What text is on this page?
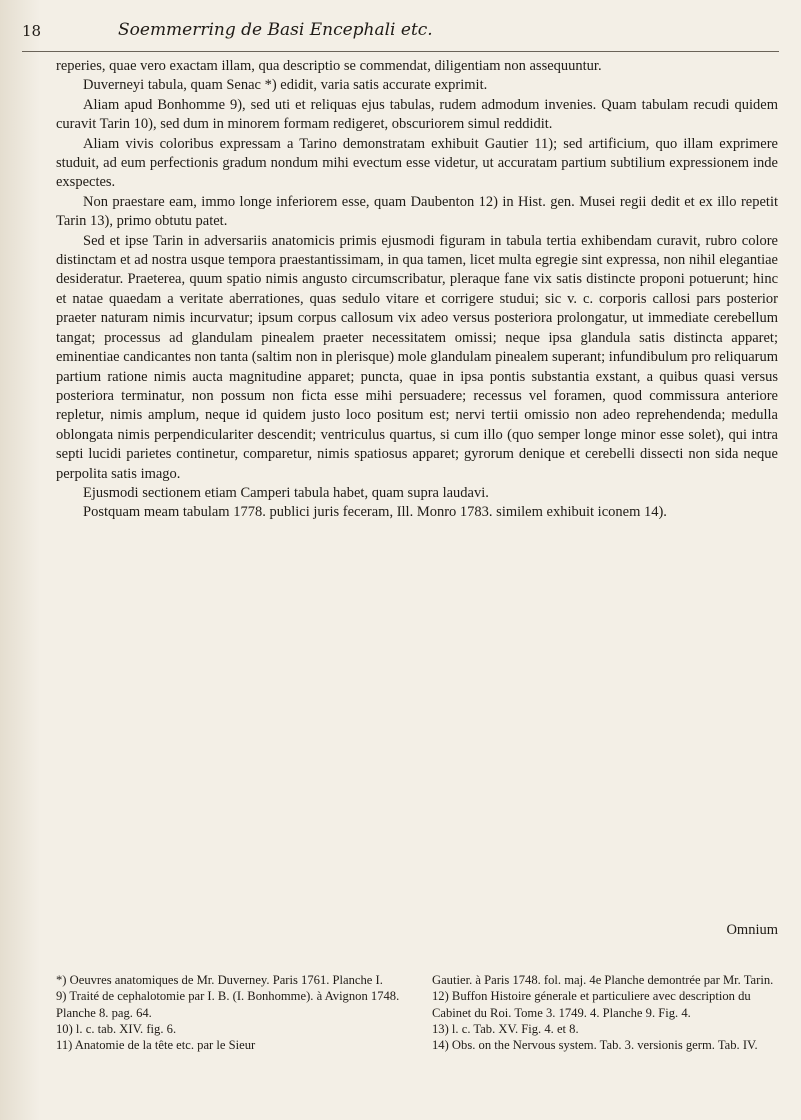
18	Soemmerring de Basi Encephali etc.

reperies, quae vero exactam illam, qua descriptio se commendat, diligentiam non assequuntur.

Duverneyi tabula, quam Senac *) edidit, varia satis accurate exprimit.

Aliam apud Bonhomme 9), sed uti et reliquas ejus tabulas, rudem admodum invenies. Quam tabulam recudi quidem curavit Tarin 10), sed dum in minorem formam redigeret, obscuriorem simul reddidit.

Aliam vivis coloribus expressam a Tarino demonstratam exhibuit Gautier 11); sed artificium, quo illam exprimere studuit, ad eum perfectionis gradum nondum mihi evectum esse videtur, ut accuratam partium subtilium expressionem inde exspectes.

Non praestare eam, immo longe inferiorem esse, quam Daubenton 12) in Hist. gen. Musei regii dedit et ex illo repetit Tarin 13), primo obtutu patet.

Sed et ipse Tarin in adversariis anatomicis primis ejusmodi figuram in tabula tertia exhibendam curavit, rubro colore distinctam et ad nostra usque tempora praestantissimam, in qua tamen, licet multa egregie sint expressa, non nihil elegantiae desideratur. Praeterea, quum spatio nimis angusto circumscribatur, pleraque fane vix satis distincte proponi potuerunt; hinc et natae quaedam a veritate aberrationes, quas sedulo vitare et corrigere studui; sic v. c. corporis callosi pars posterior praeter naturam nimis incurvatur; ipsum corpus callosum vix adeo versus posteriora prolongatur, ut immediate cerebellum tangat; processus ad glandulam pinealem praeter necessitatem omissi; neque ipsa glandula satis distincta apparet; eminentiae candicantes non tanta (saltim non in plerisque) mole glandulam pinealem superant; infundibulum pro reliquarum partium ratione nimis aucta magnitudine apparet; puncta, quae in ipsa pontis substantia exstant, a quibus quasi versus posteriora terminatur, non possum non ficta esse mihi persuadere; recessus vel foramen, quod commissura anteriore repletur, nimis amplum, neque id quidem justo loco positum est; nervi tertii omissio non adeo reprehendenda; medulla oblongata nimis perpendiculariter descendit; ventriculus quartus, si cum illo (quo semper longe minor esse solet), qui intra septi lucidi parietes continetur, comparetur, nimis spatiosus apparet; gyrorum denique et cerebelli dissecti non sida neque perpolita satis imago.

Ejusmodi sectionem etiam Camperi tabula habet, quam supra laudavi.

Postquam meam tabulam 1778. publici juris feceram, Ill. Monro 1783. similem exhibuit iconem 14).

Omnium

*) Oeuvres anatomiques de Mr. Duverney. Paris 1761. Planche I.

9) Traité de cephalotomie par I. B. (I. Bonhomme). à Avignon 1748. Planche 8. pag. 64.

10) l. c. tab. XIV. fig. 6.

11) Anatomie de la tête etc. par le Sieur

Gautier. à Paris 1748. fol. maj. 4e Planche demontrée par Mr. Tarin.

12) Buffon Histoire génerale et particuliere avec description du Cabinet du Roi. Tome 3. 1749. 4. Planche 9. Fig. 4.

13) l. c. Tab. XV. Fig. 4. et 8.

14) Obs. on the Nervous system. Tab. 3. versionis germ. Tab. IV.
